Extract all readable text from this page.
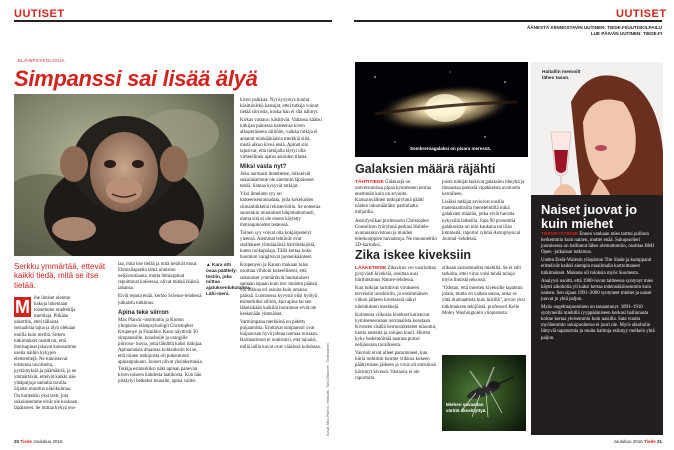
UUTISET
ELÄINPSYKOLOGIA
Simpanssi sai lisää älyä
▲ Kara otti osaa päättely-testiin, joka mittaa ajatuksenlukutaitoa. Lähi-meni.
Serkku ymmärtää, ettevät kaikki tiedä, mitä se itse tietää.
M ihe ilmiset olenme hakoja lukemaan toistemme mieltetilja mielilaja. Pitkään uskottiin, ettei tällaista sosiaalista tajua ja älyä olekaan muilla kuin meillä. Sittem tutkimukset osoittivat, että ihmisapinat jakavat kanssamme useita näihin kykyjen elementtejä. Ne tunnistavat toistensa tavoitteita, pyrkimyksiä ja päämääriä, ja ne ymmärtävät, etteivät kaikki näe yhtäpaljoja samalla tavalla. Sijaitsi muuttua näkökulmaa. On kuitenkin yksi testi, jota sukulaisemme eivät ole koskaan läpäisseet. Se mittaa kykyä ero-

taa, mitä itse tietää ja mitä tietävät muut. Ehmisilapselta tämä onnistuu neljävuotiaana, mutta ihmisapinat repuittavat kokeessa, olivat minkä ikäisiä tahansa.

Eivät reputa enää, kertoo Science-lehdessä julkaistu tutkimus.

Apina teke siirron

Max Planck -instituutin ja Kioton yliopiston elämpsykologit Christopher Krupenye ja Fumihiro Kano näyttivät 30 simpanssille, bonobolle ja orangille piirroso- kuvia, joita tähdittä kaksi tutkijaa. Apinamaisia draamaa kohtauksiin toi se, että toinen tutkijoista oli pukeutunut apinanpukuun. Juonet olivat yksinkertaisia. Tutkija esimerkiksi näki apinan panevan kiven toiseen kahdesta laatikosta. Kun hän pistäytyi hetkeksi muualle, apina valitsi

kiven paikkaa. Nyt kysymys kuului: käsittävätkö katsojat, ettei tutkija voinut tietää siirrosta, koska hän ei sitä nähnyt.

Kirkas vastaus: käsittivät. Valtaosa käänsi tutkijan paluessa katseensa kiven alkuperäiseen säiliöön, vaikka tutkija ei antanut minkäänlaisia merkkiä siitä, mistä aikoo kiveä etsiä. Apinat siis tajusivat, että tutkijalla täytyi olla virheellinen ajatus asioiden tilasta.

Miksi vasta nyt?

Joku narmasti ihmettelee, mikseivät sukulaisemme ole aiemmin läpäisseet testiä. Samaa kysyvät tutkijat.

Yksi ilmeinen syy on katseenseurantadata, jolla kokeluiden silmänliikkeitä rekisteröitiin. Se noteeraa suurenkin muutokset lahjomattomasti, mutta sitä ei ole ennen käytetty ihmisapinoiden testeissä.

Toinen syy voivat olla kokjärjestelyt yleensä. Aiemmat tehtävät ovat sisältäneet ylimääräisiä häiriötekijöitä, kuten ruokapalaja. Tällä kertaa koko huomion vangitsivat juonenkäänteet.

Krupenyen ja Kanon mukaan tulos osoittaa vihdoin kokeellisesti, että sukulaiset ymmärtävät laumalaiseit samaan tapaan kuin me: muiden päässä voi liikkua eri asioita kuin omassa päässä. Luonnossa kyvystä olisi hyötyä esimerkiksi silloin, kun apina tai sen läheisikään kaikilla havainnot eivät ole keskenään yhtenäiset.

Varmimpana merkkinä on pidetty puijaamista. Erottavat simpanssit ovat huijaavaan hyvä johtaa laumaa toisiaan. Harhautinnot ei onnistuisi, elei tajuaisi, millä lailla kuvat ovat väärässä kohdassa. Kuvat: Max Planck -instituutti, Taru Olkkonen. Tiedeuutiset.
20 Tiede Joulukuu 2016
UUTISET
ÄÄNESTÄ KIINNOSTAVIN UUTINEN: TIEDE.FI/UUTISKILPAILU
LUE PÄIVÄN UUTINEN: TIEDE.FI
Sombreroagalaksi on pisara meressä.
Galaksien määrä räjähti

TÄHTITIEDE Galaksejä on universumissa pipaa kymmenen kertaa enemmän kuin on arvioitu. Kansainvälinen tutkijaryhmä päätti näiden lukumääräksi parituhatta miljardia.

Astrofysiikan professorin Christopher Conselicen työryhmä perkasi Hubble-avaruusakuvistoon ja muiden teleskooppien havaintoja. Ne muunnettiin 3D-kartoiksi,

joista tutkijat laskivat galaksien tiheyttä ja ilmaustaa pienistä vipakkeista avaruutta kerralleen.

Lisäksi tutkijat arvioivat uusilla matemaattisilla menetelmillä mikä galaksien määrän, jotka eivät havaita nykysillä laitteilla. Jopa 90 prosenttia galakseista on niin kaukana tai liian himmeitä, raportoi ryhmä Astrophysical Journal -lehdessä.

Zika iskee kiveksiin

LÄÄKETIEDE Zikavirus voi vaurioittaa pysyvästi kiveksiä, osoittaa uusi hiiritutkimus Nature-lehdessä.

Kun tutkijat tartuttivat virukseen terveisiin uroshiiriin, jo ensimmäisen viikon jälkeen kiveksissä näkyi tulehduksen merkkejä.

Kolmessa viikossa kivekset kutistuvat kymmenesosaan normaalista koostaan. Kivesten sisällä hermorakenteet tuhoutui, tuotto nesteitä ja solujen kuoli. Hiirten kyky hedelmöittää naarata putosi nelijäosaan tavallisesta.

Vaurioit eivät olleet parantuneet, kun hiiriä tutkittiin koirme viikkoa kokeen päättymisen jälkeen ja virus oli entisiinsä hävinnyt kivessä. Vastaava ei ole raportoitu

ziikaan sairastuneilta miehiltä. Se ei silti tarkoita, ettei virus voisi tehdä tuhoja myös ihmiskiveksissä.

"Odotan, että miesten kiveksille tapahtuu jotain, mutta on vaikea sanoa, onko se yhtä dramaattista kuin hiirillä", arvioi yksi tutkimuksen tekijöistä, professori Kelle Moley Washingtonin yliopistosta.

Miehen sovaaitan värittä äkseinyttyä.
Haitallin memoilt lähes tasan.
Naiset juovat jo kuin miehet

TERVEYSTIEDE Ennen vanhaan mies tarttui pulloon herkemmin kuin nainen, muttei enää. Sukupuolieri juomisessa on hallinnut lähes olemattomiin, osoittaa BMJ Open -julkaisun tutkimus.

Uuden Etelä-Walesin yliopiston Tim Slade ja kumppanit erittelivät kaikki aiempia maailmalla karttoittaneet tutkimukset. Mukana oli tuloksia myös Suomesta.

Analyysi osoitti, että 1900-luvun taitteessa syntynyt mies käytti alkoholia yli kaksi kertaa todennäköisemmin kuin nainen. Sen sijaan 1991–2000 syntyneet miehet ja naiset juovat jo yhtä paljon.

Myös ongelmajuominen on tasaantunyt. 1891–1910 syntyneillä miehillä ryyppäämiseen kerkasi hallinnasta kolme kertaa yleisemmin kuin naisilla. Sata vuotta myöhemmin sukupuolieroa ei juuri ole. Myös alkoholin liittyviä tapaturmia ja muita haittoja esiintyy melkein yhtä paljon.

Joulukuu 2016 Tiede 21
